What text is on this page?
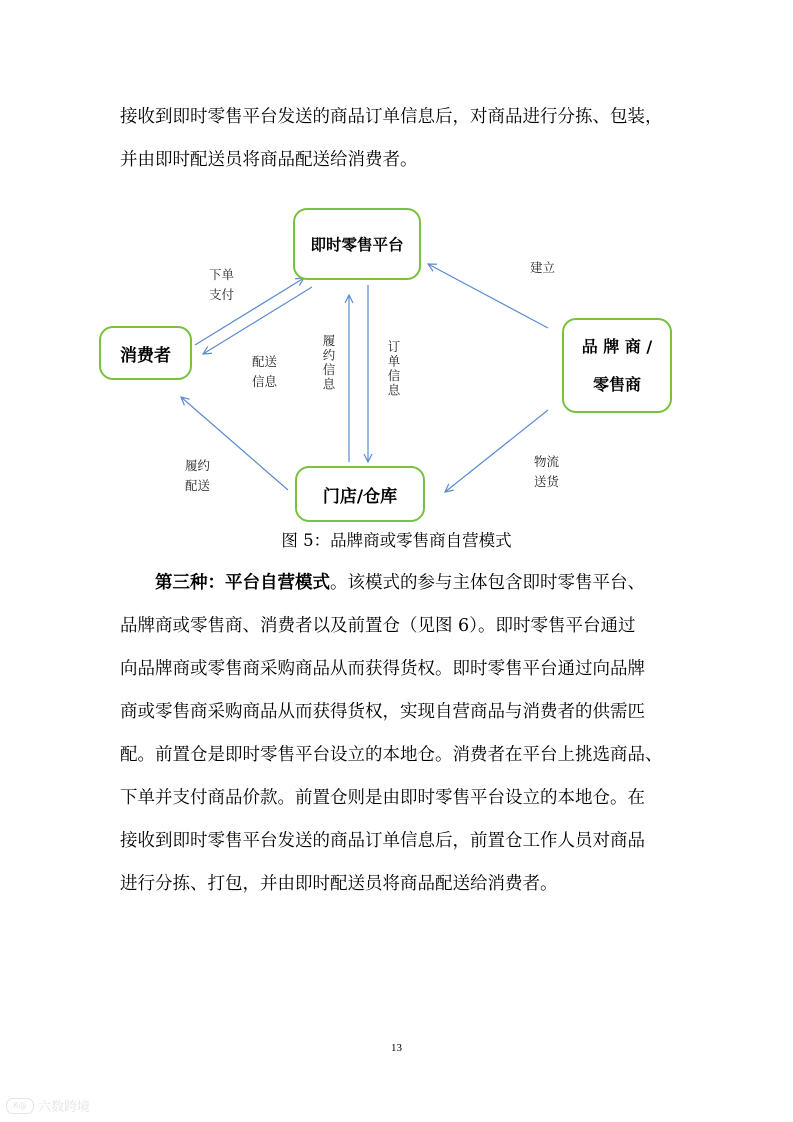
接收到即时零售平台发送的商品订单信息后，对商品进行分拣、包装，
并由即时配送员将商品配送给消费者。
即时零售平台
消费者	品 牌 商 /
零售商
门店/仓库
下单
支付
配送
信息	履约信息	订单信息
建立
物流
送货
履约
配送
图 5：品牌商或零售商自营模式
第三种：平台自营模式。该模式的参与主体包含即时零售平台、
品牌商或零售商、消费者以及前置仓（见图 6）。即时零售平台通过
向品牌商或零售商采购商品从而获得货权。即时零售平台通过向品牌
商或零售商采购商品从而获得货权，实现自营商品与消费者的供需匹
配。前置仓是即时零售平台设立的本地仓。消费者在平台上挑选商品、
下单并支付商品价款。前置仓则是由即时零售平台设立的本地仓。在
接收到即时零售平台发送的商品订单信息后，前置仓工作人员对商品
进行分拣、打包，并由即时配送员将商品配送给消费者。
13
K@ 六数跨境
